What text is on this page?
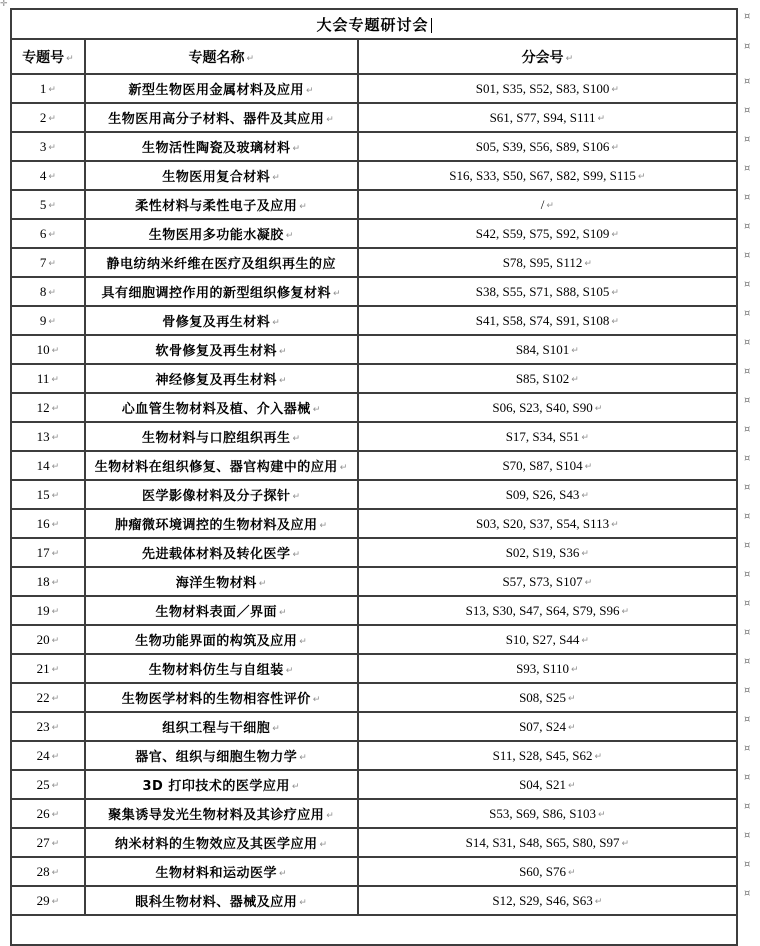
✛
大会专题研讨会			¤
专题号 ↵	专题名称 ↵	分会号 ↵	¤
1 ↵	新型生物医用金属材料及应用 ↵	S01, S35, S52, S83, S100 ↵	¤
2 ↵	生物医用高分子材料、器件及其应用 ↵	S61, S77, S94, S111 ↵	¤
3 ↵	生物活性陶瓷及玻璃材料 ↵	S05, S39, S56, S89, S106 ↵	¤
4 ↵	生物医用复合材料 ↵	S16, S33, S50, S67, S82, S99, S115 ↵	¤
5 ↵	柔性材料与柔性电子及应用 ↵	/ ↵	¤
6 ↵	生物医用多功能水凝胶 ↵	S42, S59, S75, S92, S109 ↵	¤
7 ↵	静电纺纳米纤维在医疗及组织再生的应	S78, S95, S112 ↵	¤
8 ↵	具有细胞调控作用的新型组织修复材料 ↵	S38, S55, S71, S88, S105 ↵	¤
9 ↵	骨修复及再生材料 ↵	S41, S58, S74, S91, S108 ↵	¤
10 ↵	软骨修复及再生材料 ↵	S84, S101 ↵	¤
11 ↵	神经修复及再生材料 ↵	S85, S102 ↵	¤
12 ↵	心血管生物材料及植、介入器械 ↵	S06, S23, S40, S90 ↵	¤
13 ↵	生物材料与口腔组织再生 ↵	S17, S34, S51 ↵	¤
14 ↵	生物材料在组织修复、器官构建中的应用 ↵	S70, S87, S104 ↵	¤
15 ↵	医学影像材料及分子探针 ↵	S09, S26, S43 ↵	¤
16 ↵	肿瘤微环境调控的生物材料及应用 ↵	S03, S20, S37, S54, S113 ↵	¤
17 ↵	先进载体材料及转化医学 ↵	S02, S19, S36 ↵	¤
18 ↵	海洋生物材料 ↵	S57, S73, S107 ↵	¤
19 ↵	生物材料表面／界面 ↵	S13, S30, S47, S64, S79, S96 ↵	¤
20 ↵	生物功能界面的构筑及应用 ↵	S10, S27, S44 ↵	¤
21 ↵	生物材料仿生与自组装 ↵	S93, S110 ↵	¤
22 ↵	生物医学材料的生物相容性评价 ↵	S08, S25 ↵	¤
23 ↵	组织工程与干细胞 ↵	S07, S24 ↵	¤
24 ↵	器官、组织与细胞生物力学 ↵	S11, S28, S45, S62 ↵	¤
25 ↵	3D 打印技术的医学应用 ↵	S04, S21 ↵	¤
26 ↵	聚集诱导发光生物材料及其诊疗应用 ↵	S53, S69, S86, S103 ↵	¤
27 ↵	纳米材料的生物效应及其医学应用 ↵	S14, S31, S48, S65, S80, S97 ↵	¤
28 ↵	生物材料和运动医学 ↵	S60, S76 ↵	¤
29 ↵	眼科生物材料、器械及应用 ↵	S12, S29, S46, S63 ↵	¤
